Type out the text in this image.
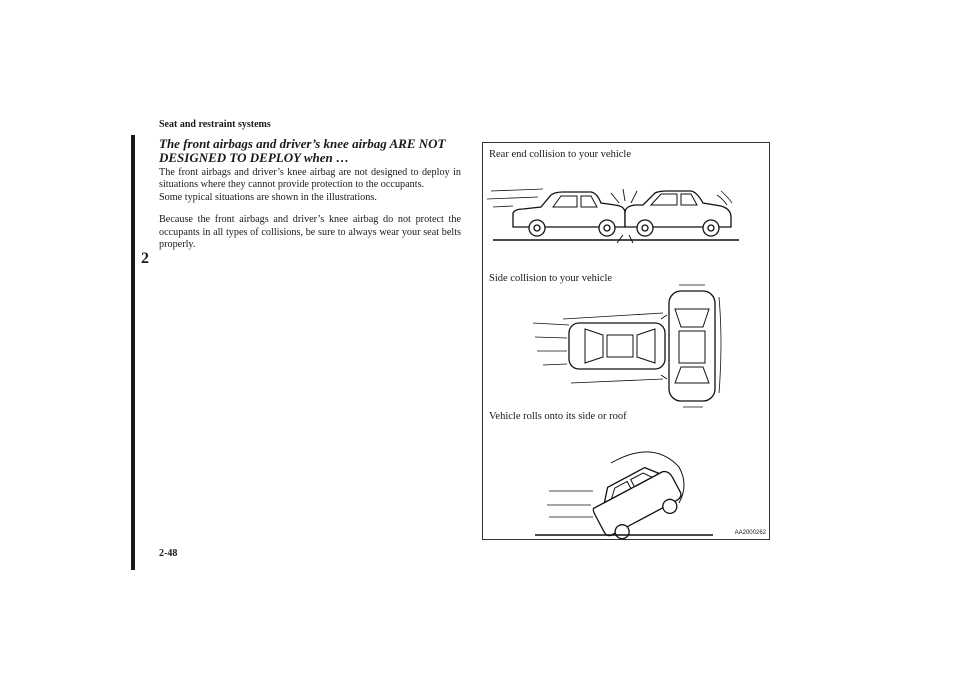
Seat and restraint systems
2
2-48
The front airbags and driver’s knee airbag ARE NOT DESIGNED TO DEPLOY when …

The front airbags and driver’s knee airbag are not designed to deploy in situations where they cannot provide protection to the occupants.

Some typical situations are shown in the illustrations.

Because the front airbags and driver’s knee airbag do not protect the occupants in all types of collisions, be sure to always wear your seat belts properly.

Rear end collision to your vehicle
Side collision to your vehicle
Vehicle rolls onto its side or roof
AA2000262
